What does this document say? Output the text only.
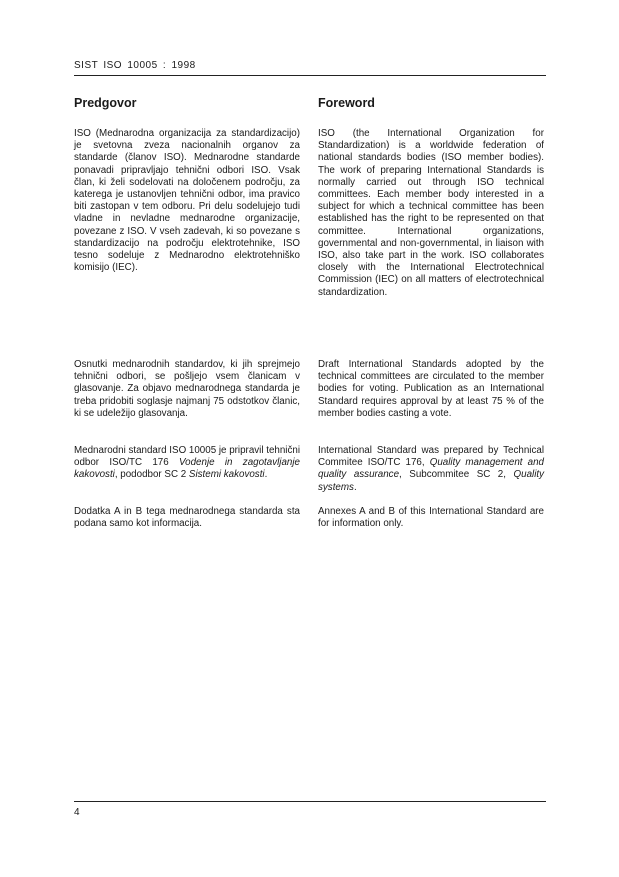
SIST ISO 10005 : 1998
Predgovor

ISO (Mednarodna organizacija za standardizacijo) je svetovna zveza nacionalnih organov za standarde (članov ISO). Mednarodne standarde ponavadi pripravljajo tehnični odbori ISO. Vsak član, ki želi sodelovati na določenem področju, za katerega je ustanovljen tehnični odbor, ima pravico biti zastopan v tem odboru. Pri delu sodelujejo tudi vladne in nevladne mednarodne organizacije, povezane z ISO. V vseh zadevah, ki so povezane s standardizacijo na področju elektrotehnike, ISO tesno sodeluje z Mednarodno elektrotehniško komisijo (IEC).

Osnutki mednarodnih standardov, ki jih sprejmejo tehnični odbori, se pošljejo vsem članicam v glasovanje. Za objavo mednarodnega standarda je treba pridobiti soglasje najmanj 75 odstotkov članic, ki se udeležijo glasovanja.

Mednarodni standard ISO 10005 je pripravil tehnični odbor ISO/TC 176 Vodenje in zagotavljanje kakovosti, pododbor SC 2 Sistemi kakovosti.

Dodatka A in B tega mednarodnega standarda sta podana samo kot informacija.

Foreword

ISO (the International Organization for Standardization) is a worldwide federation of national standards bodies (ISO member bodies). The work of preparing International Standards is normally carried out through ISO technical committees. Each member body interested in a subject for which a technical committee has been established has the right to be represented on that committee. International organizations, governmental and non-governmental, in liaison with ISO, also take part in the work. ISO collaborates closely with the International Electrotechnical Commission (IEC) on all matters of electrotechnical standardization.

Draft International Standards adopted by the technical committees are circulated to the member bodies for voting. Publication as an International Standard requires approval by at least 75 % of the member bodies casting a vote.

International Standard was prepared by Technical Commitee ISO/TC 176, Quality management and quality assurance, Subcommitee SC 2, Quality systems.

Annexes A and B of this International Standard are for information only.

4
